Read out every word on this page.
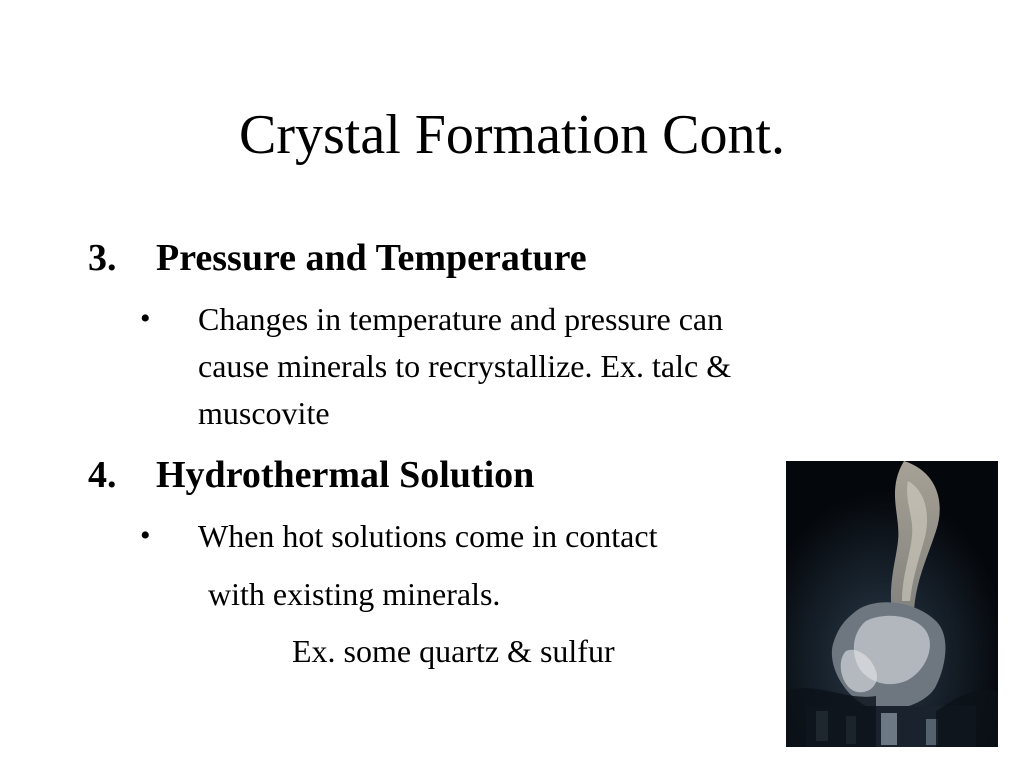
Crystal Formation Cont.
3. Pressure and Temperature
• Changes in temperature and pressure can
cause minerals to recrystallize. Ex. talc &
muscovite
4. Hydrothermal Solution
• When hot solutions come in contact
with existing minerals.
Ex. some quartz & sulfur
